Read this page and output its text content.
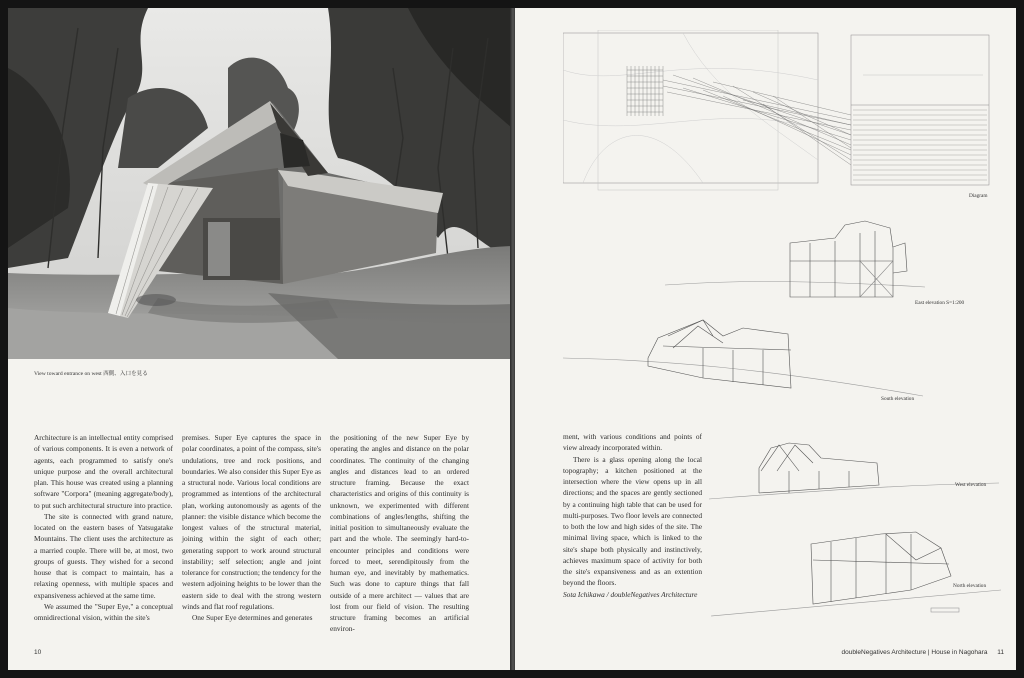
View toward entrance on west 西側、入口を見る

Architecture is an intellectual entity comprised of various components. It is even a network of agents, each programmed to satisfy one's unique purpose and the overall architectural plan. This house was created using a planning software "Corpora" (meaning aggregate/body), to put such architectural structure into practice.

The site is connected with grand nature, located on the eastern bases of Yatsugatake Mountains. The client uses the architecture as a married couple. There will be, at most, two groups of guests. They wished for a second house that is compact to maintain, has a relaxing openness, with multiple spaces and expansiveness achieved at the same time.

We assumed the "Super Eye," a conceptual omnidirectional vision, within the site's

premises. Super Eye captures the space in polar coordinates, a point of the compass, site's undulations, tree and rock positions, and boundaries. We also consider this Super Eye as a structural node. Various local conditions are programmed as intentions of the architectural plan, working autonomously as agents of the planner: the visible distance which become the longest values of the structural material, joining within the sight of each other; generating support to work around structural instability; self selection; angle and joint tolerance for construction; the tendency for the western adjoining heights to be lower than the eastern side to deal with the strong western winds and flat roof regulations.

One Super Eye determines and generates

the positioning of the new Super Eye by operating the angles and distance on the polar coordinates. The continuity of the changing angles and distances lead to an ordered structure framing. Because the exact characteristics and origins of this continuity is unknown, we experimented with different combinations of angles/lengths, shifting the initial position to simultaneously evaluate the part and the whole. The seemingly hard-to-encounter principles and conditions were forced to meet, serendipitously from the human eye, and inevitably by mathematics. Such was done to capture things that fall outside of a mere architect — values that are lost from our field of vision. The resulting structure framing becomes an artificial environ-

10
Diagram
East elevation S=1:200
South elevation
West elevation
North elevation

ment, with various conditions and points of view already incorporated within.

There is a glass opening along the local topography; a kitchen positioned at the intersection where the view opens up in all directions; and the spaces are gently sectioned by a continuing high table that can be used for multi-purposes. Two floor levels are connected to both the low and high sides of the site. The minimal living space, which is linked to the site's shape both physically and instinctively, achieves maximum space of activity for both the site's expansiveness and as an extention beyond the floors.

Sota Ichikawa / doubleNegatives Architecture

doubleNegatives Architecture | House in Nagohara 11
